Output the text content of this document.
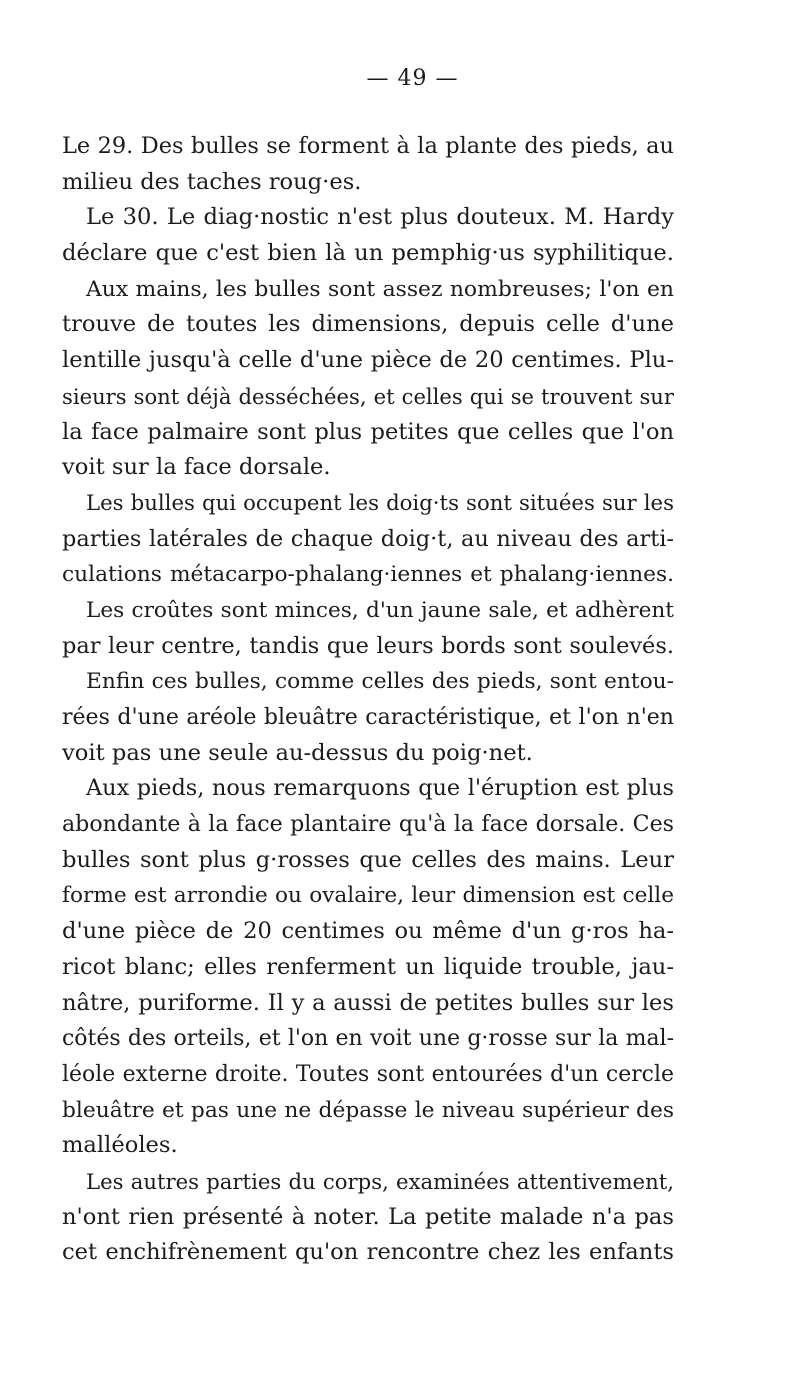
— 49 —
Le 29. Des bulles se forment à la plante des pieds, au
milieu des taches roug·es.
Le 30. Le diag·nostic n'est plus douteux. M. Hardy
déclare que c'est bien là un pemphig·us syphilitique.
Aux mains, les bulles sont assez nombreuses; l'on en
trouve de toutes les dimensions, depuis celle d'une
lentille jusqu'à celle d'une pièce de 20 centimes. Plu-
sieurs sont déjà desséchées, et celles qui se trouvent sur
la face palmaire sont plus petites que celles que l'on
voit sur la face dorsale.
Les bulles qui occupent les doig·ts sont situées sur les
parties latérales de chaque doig·t, au niveau des arti-
culations métacarpo-phalang·iennes et phalang·iennes.
Les croûtes sont minces, d'un jaune sale, et adhèrent
par leur centre, tandis que leurs bords sont soulevés.
Enfin ces bulles, comme celles des pieds, sont entou-
rées d'une aréole bleuâtre caractéristique, et l'on n'en
voit pas une seule au-dessus du poig·net.
Aux pieds, nous remarquons que l'éruption est plus
abondante à la face plantaire qu'à la face dorsale. Ces
bulles sont plus g·rosses que celles des mains. Leur
forme est arrondie ou ovalaire, leur dimension est celle
d'une pièce de 20 centimes ou même d'un g·ros ha-
ricot blanc; elles renferment un liquide trouble, jau-
nâtre, puriforme. Il y a aussi de petites bulles sur les
côtés des orteils, et l'on en voit une g·rosse sur la mal-
léole externe droite. Toutes sont entourées d'un cercle
bleuâtre et pas une ne dépasse le niveau supérieur des
malléoles.
Les autres parties du corps, examinées attentivement,
n'ont rien présenté à noter. La petite malade n'a pas
cet enchifrènement qu'on rencontre chez les enfants
